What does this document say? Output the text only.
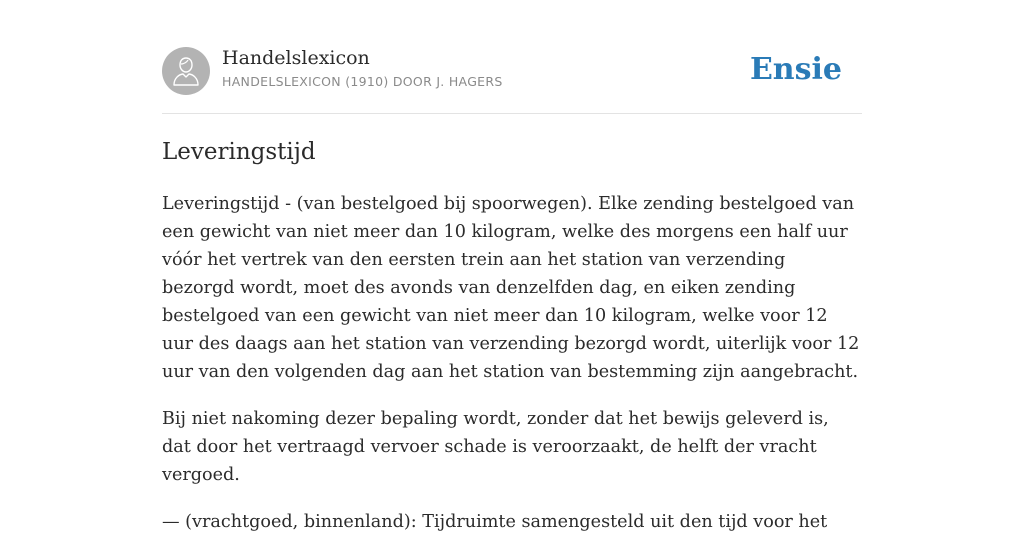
Handelslexicon
HANDELSLEXICON (1910) DOOR J. HAGERS	Ensie
Leveringstijd

Leveringstijd - (van bestelgoed bij spoorwegen). Elke zending bestelgoed van een gewicht van niet meer dan 10 kilogram, welke des morgens een half uur vóór het vertrek van den eersten trein aan het station van verzending bezorgd wordt, moet des avonds van denzelfden dag, en eiken zending bestelgoed van een gewicht van niet meer dan 10 kilogram, welke voor 12 uur des daags aan het station van verzending bezorgd wordt, uiterlijk voor 12 uur van den volgenden dag aan het station van bestemming zijn aangebracht.

Bij niet nakoming dezer bepaling wordt, zonder dat het bewijs geleverd is, dat door het vertraagd vervoer schade is veroorzaakt, de helft der vracht vergoed.

— (vrachtgoed, binnenland): Tijdruimte samengesteld uit den tijd voor het
